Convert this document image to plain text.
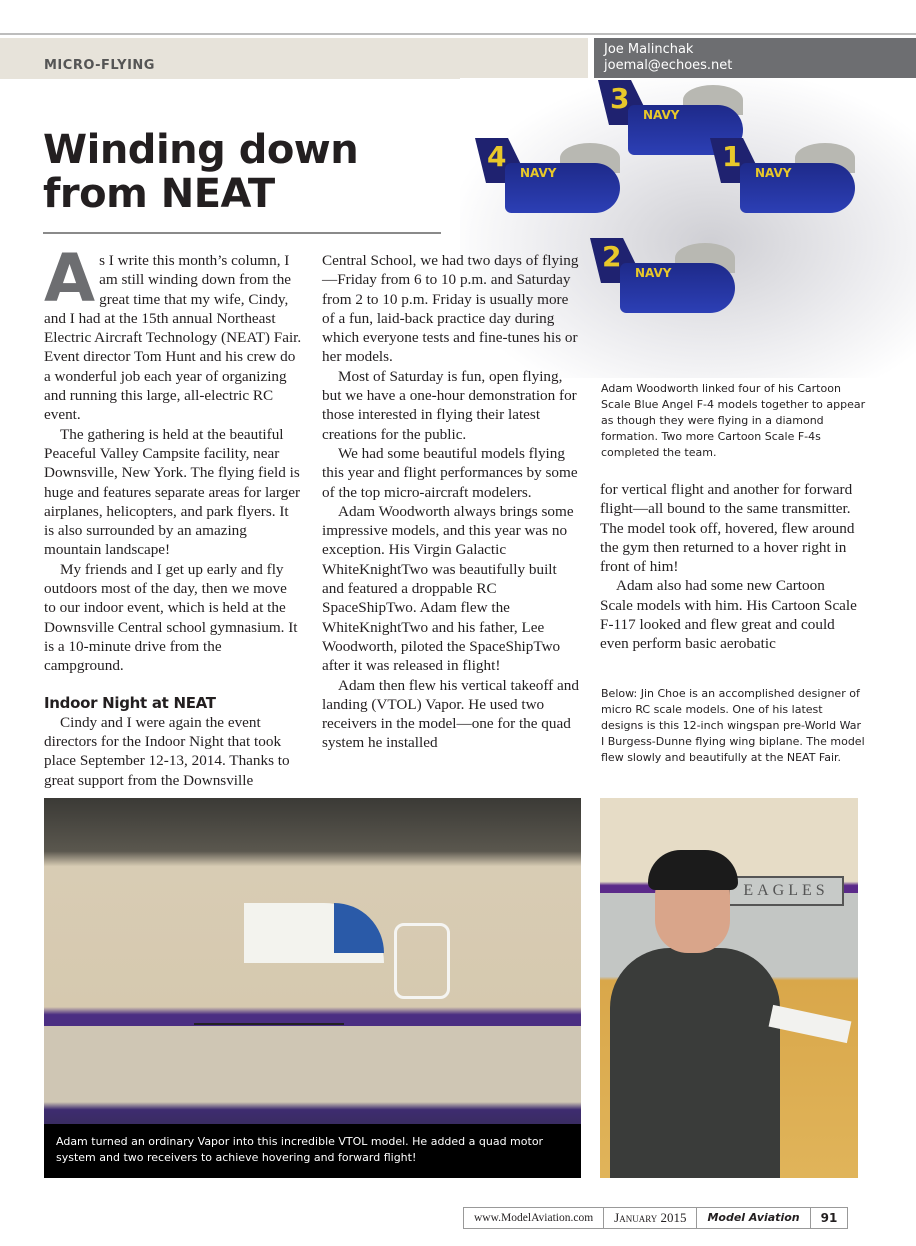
MICRO-FLYING
Joe Malinchak
joemal@echoes.net
Winding down
from NEAT
3 NAVY
4 NAVY	1 NAVY
2 NAVY

As I write this month’s column, I am still winding down from the great time that my wife, Cindy, and I had at the 15th annual Northeast Electric Aircraft Technology (NEAT) Fair. Event director Tom Hunt and his crew do a wonderful job each year of organizing and running this large, all-electric RC event.

The gathering is held at the beautiful Peaceful Valley Campsite facility, near Downsville, New York. The flying field is huge and features separate areas for larger airplanes, helicopters, and park flyers. It is also surrounded by an amazing mountain landscape!

My friends and I get up early and fly outdoors most of the day, then we move to our indoor event, which is held at the Downsville Central school gymnasium. It is a 10-minute drive from the campground.

Indoor Night at NEAT

Cindy and I were again the event directors for the Indoor Night that took place September 12-13, 2014. Thanks to great support from the Downsville

Central School, we had two days of flying—Friday from 6 to 10 p.m. and Saturday from 2 to 10 p.m. Friday is usually more of a fun, laid-back practice day during which everyone tests and fine-tunes his or her models.

Most of Saturday is fun, open flying, but we have a one-hour demonstration for those interested in flying their latest creations for the public.

We had some beautiful models flying this year and flight performances by some of the top micro-aircraft modelers.

Adam Woodworth always brings some impressive models, and this year was no exception. His Virgin Galactic WhiteKnightTwo was beautifully built and featured a droppable RC SpaceShipTwo. Adam flew the WhiteKnightTwo and his father, Lee Woodworth, piloted the SpaceShipTwo after it was released in flight!

Adam then flew his vertical takeoff and landing (VTOL) Vapor. He used two receivers in the model—one for the quad system he installed

Adam Woodworth linked four of his Cartoon Scale Blue Angel F-4 models together to appear as though they were flying in a diamond formation. Two more Cartoon Scale F-4s completed the team.

for vertical flight and another for forward flight—all bound to the same transmitter. The model took off, hovered, flew around the gym then returned to a hover right in front of him!

Adam also had some new Cartoon Scale models with him. His Cartoon Scale F-117 looked and flew great and could even perform basic aerobatic

Below: Jin Choe is an accomplished designer of micro RC scale models. One of his latest designs is this 12-inch wingspan pre-World War I Burgess-Dunne flying wing biplane. The model flew slowly and beautifully at the NEAT Fair.
Adam turned an ordinary Vapor into this incredible VTOL model. He added a quad motor system and two receivers to achieve hovering and forward flight!
EAGLES
www.ModelAviation.com	January 2015	Model Aviation	91
